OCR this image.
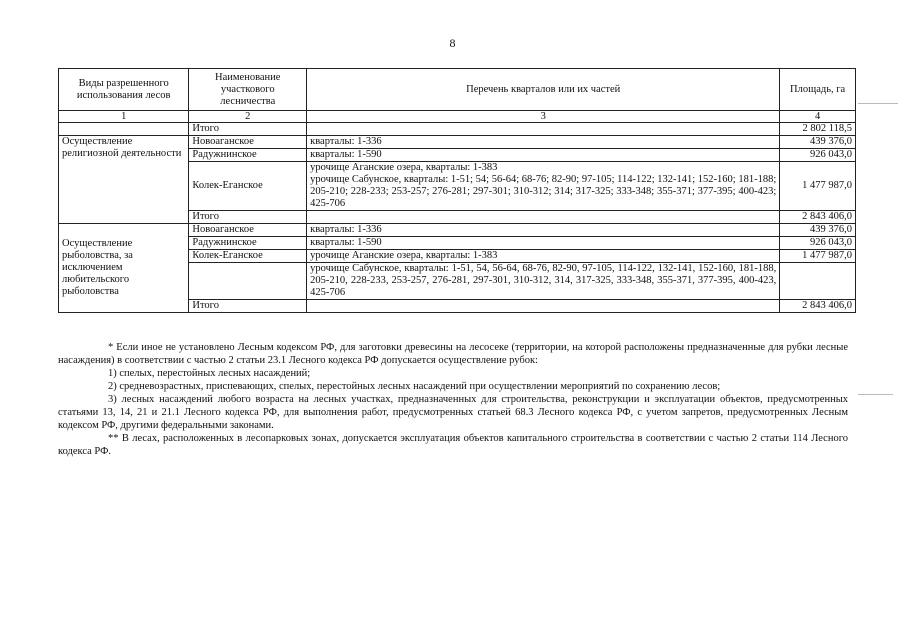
8
Виды разрешенного использования лесов	Наименование участкового лесничества	Перечень кварталов или их частей	Площадь, га
1	2	3	4
	Итого		2 802 118,5
Осуществление религиозной деятельности	Новоаганское	кварталы: 1-336	439 376,0
	Радужнинское	кварталы: 1-590	926 043,0
	Колек-Еганское	урочище Аганские озера, кварталы: 1-383	1 477 987,0
		урочище Сабунское, кварталы: 1-51; 54; 56-64; 68-76; 82-90; 97-105; 114-122; 132-141; 152-160; 181-188; 205-210; 228-233; 253-257; 276-281; 297-301; 310-312; 314; 317-325; 333-348; 355-371; 377-395; 400-423; 425-706	
	Итого		2 843 406,0
Осуществление рыболовства, за исключением любительского рыболовства	Новоаганское	кварталы: 1-336	439 376,0
	Радужнинское	кварталы: 1-590	926 043,0
	Колек-Еганское	урочище Аганские озера, кварталы: 1-383	1 477 987,0
		урочище Сабунское, кварталы: 1-51, 54, 56-64, 68-76, 82-90, 97-105, 114-122, 132-141, 152-160, 181-188, 205-210, 228-233, 253-257, 276-281, 297-301, 310-312, 314, 317-325, 333-348, 355-371, 377-395, 400-423, 425-706	
	Итого		2 843 406,0

* Если иное не установлено Лесным кодексом РФ, для заготовки древесины на лесосеке (территории, на которой расположены предназначенные для рубки лесные насаждения) в соответствии с частью 2 статьи 23.1 Лесного кодекса РФ допускается осуществление рубок:

1) спелых, перестойных лесных насаждений;

2) средневозрастных, приспевающих, спелых, перестойных лесных насаждений при осуществлении мероприятий по сохранению лесов;

3) лесных насаждений любого возраста на лесных участках, предназначенных для строительства, реконструкции и эксплуатации объектов, предусмотренных статьями 13, 14, 21 и 21.1 Лесного кодекса РФ, для выполнения работ, предусмотренных статьей 68.3 Лесного кодекса РФ, с учетом запретов, предусмотренных Лесным кодексом РФ, другими федеральными законами.

** В лесах, расположенных в лесопарковых зонах, допускается эксплуатация объектов капитального строительства в соответствии с частью 2 статьи 114 Лесного кодекса РФ.
